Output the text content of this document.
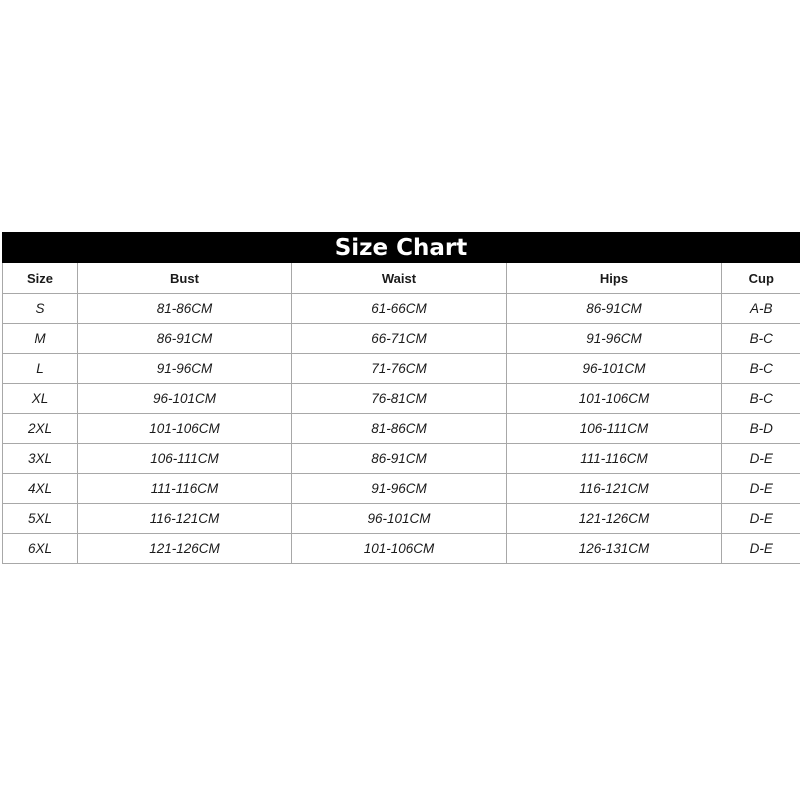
Size Chart
Size	Bust	Waist	Hips	Cup
S	81-86CM	61-66CM	86-91CM	A-B
M	86-91CM	66-71CM	91-96CM	B-C
L	91-96CM	71-76CM	96-101CM	B-C
XL	96-101CM	76-81CM	101-106CM	B-C
2XL	101-106CM	81-86CM	106-111CM	B-D
3XL	106-111CM	86-91CM	111-116CM	D-E
4XL	111-116CM	91-96CM	116-121CM	D-E
5XL	116-121CM	96-101CM	121-126CM	D-E
6XL	121-126CM	101-106CM	126-131CM	D-E
